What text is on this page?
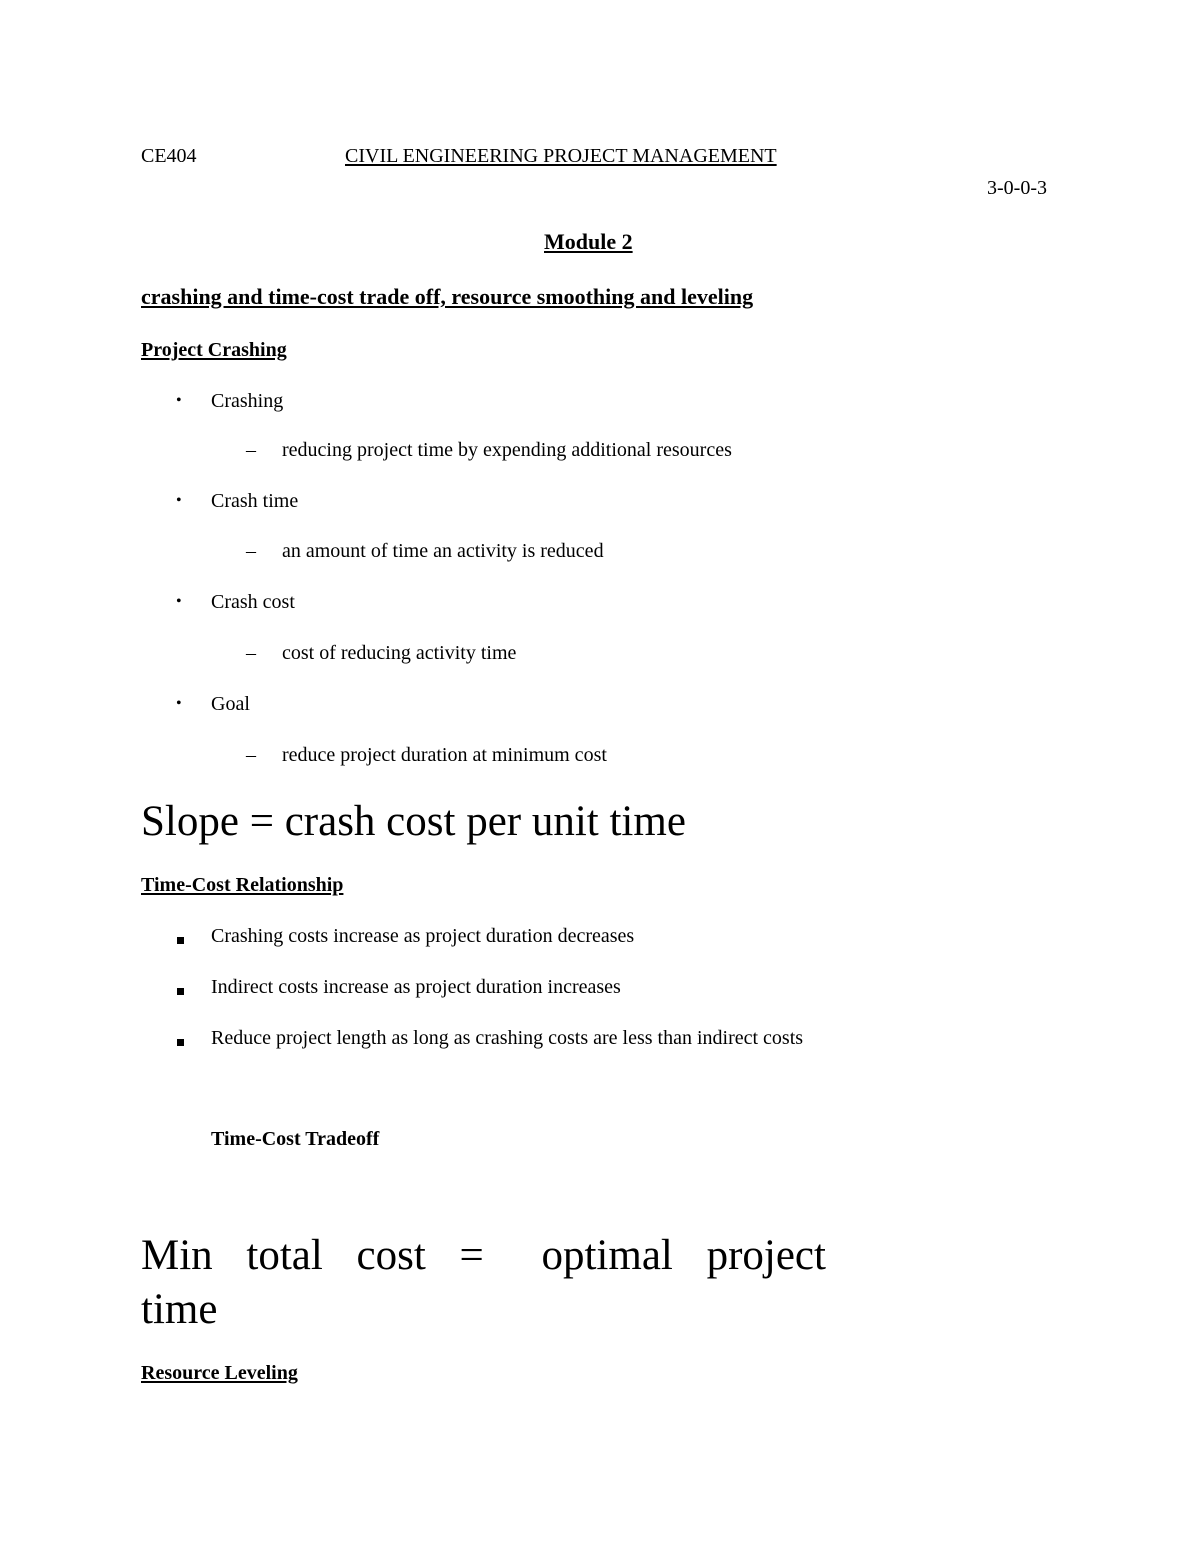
CE404	CIVIL ENGINEERING PROJECT MANAGEMENT
3-0-0-3
Module 2
crashing and time-cost trade off, resource smoothing and leveling
Project Crashing
• Crashing
– reducing project time by expending additional resources
• Crash time
– an amount of time an activity is reduced
• Crash cost
– cost of reducing activity time
• Goal
– reduce project duration at minimum cost
Slope = crash cost per unit time
Time-Cost Relationship
Crashing costs increase as project duration decreases
Indirect costs increase as project duration increases
Reduce project length as long as crashing costs are less than indirect costs
Time-Cost Tradeoff
Min total cost = optimal project
time
Resource Leveling
